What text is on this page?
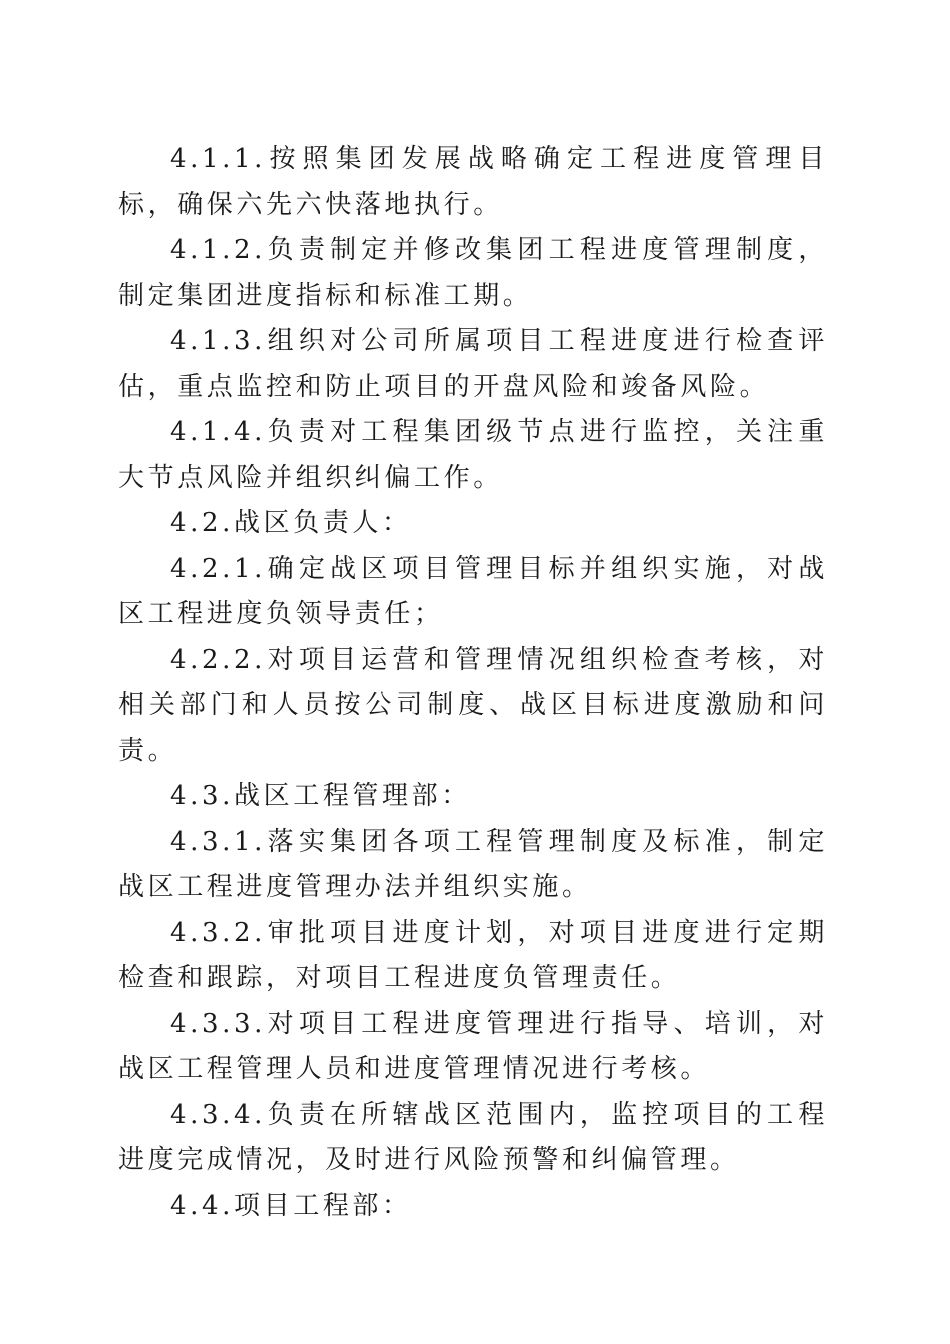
4.1.1.按照集团发展战略确定工程进度管理目标，确保六先六快落地执行。

4.1.2.负责制定并修改集团工程进度管理制度，制定集团进度指标和标准工期。

4.1.3.组织对公司所属项目工程进度进行检查评估，重点监控和防止项目的开盘风险和竣备风险。

4.1.4.负责对工程集团级节点进行监控，关注重大节点风险并组织纠偏工作。

4.2.战区负责人：

4.2.1.确定战区项目管理目标并组织实施，对战区工程进度负领导责任；

4.2.2.对项目运营和管理情况组织检查考核，对相关部门和人员按公司制度、战区目标进度激励和问责。

4.3.战区工程管理部：

4.3.1.落实集团各项工程管理制度及标准，制定战区工程进度管理办法并组织实施。

4.3.2.审批项目进度计划，对项目进度进行定期检查和跟踪，对项目工程进度负管理责任。

4.3.3.对项目工程进度管理进行指导、培训，对战区工程管理人员和进度管理情况进行考核。

4.3.4.负责在所辖战区范围内，监控项目的工程进度完成情况，及时进行风险预警和纠偏管理。

4.4.项目工程部：
